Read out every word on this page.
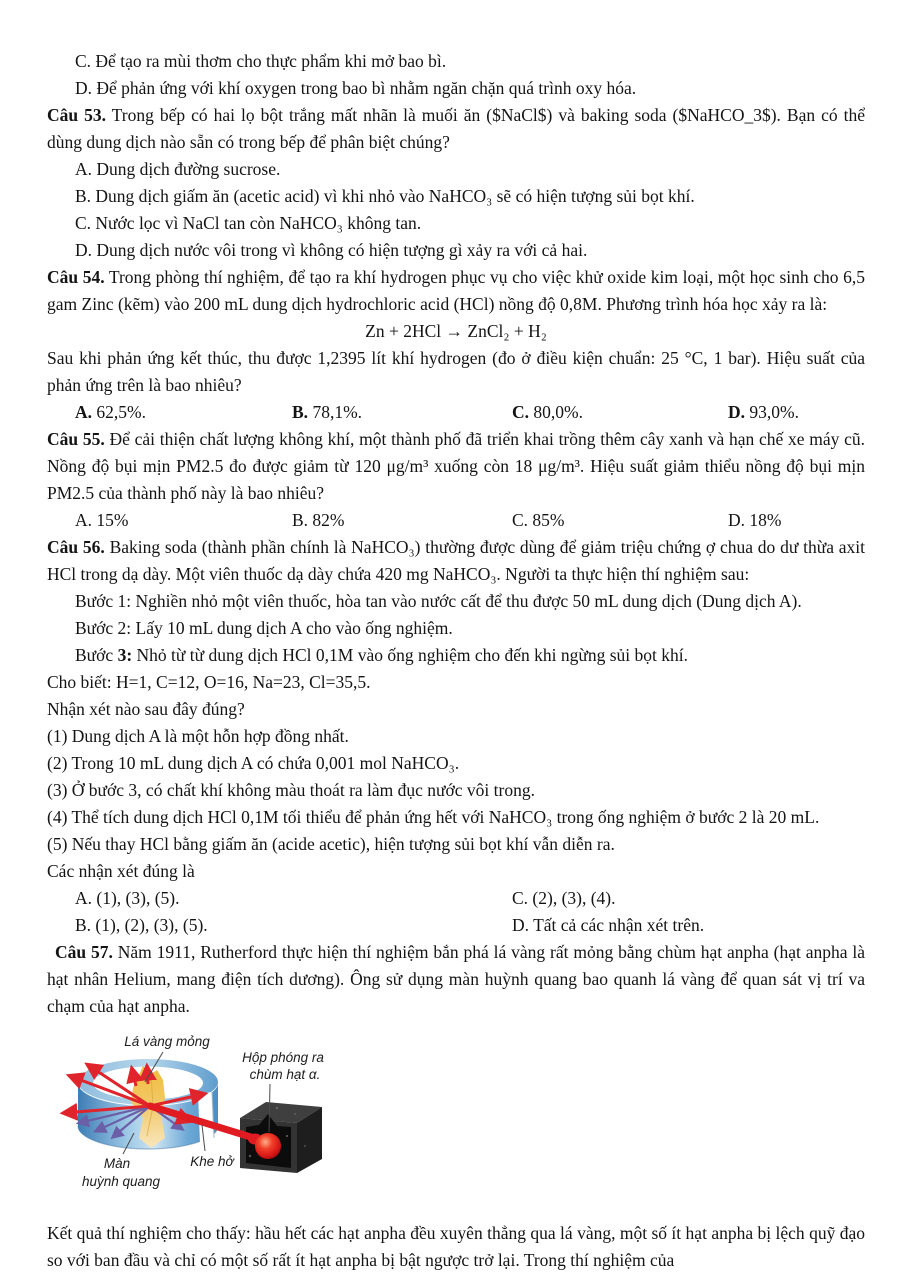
C. Để tạo ra mùi thơm cho thực phẩm khi mở bao bì.

D. Để phản ứng với khí oxygen trong bao bì nhằm ngăn chặn quá trình oxy hóa.

Câu 53. Trong bếp có hai lọ bột trắng mất nhãn là muối ăn ($NaCl$) và baking soda ($NaHCO_3$). Bạn có thể dùng dung dịch nào sẵn có trong bếp để phân biệt chúng?

A. Dung dịch đường sucrose.

B. Dung dịch giấm ăn (acetic acid) vì khi nhỏ vào NaHCO₃ sẽ có hiện tượng sủi bọt khí.

C. Nước lọc vì NaCl tan còn NaHCO₃ không tan.

D. Dung dịch nước vôi trong vì không có hiện tượng gì xảy ra với cả hai.

Câu 54. Trong phòng thí nghiệm, để tạo ra khí hydrogen phục vụ cho việc khử oxide kim loại, một học sinh cho 6,5 gam Zinc (kẽm) vào 200 mL dung dịch hydrochloric acid (HCl) nồng độ 0,8M. Phương trình hóa học xảy ra là:

Zn + 2HCl → ZnCl₂ + H₂

Sau khi phản ứng kết thúc, thu được 1,2395 lít khí hydrogen (đo ở điều kiện chuẩn: 25 °C, 1 bar). Hiệu suất của phản ứng trên là bao nhiêu?

A. 62,5%.	B. 78,1%.	C. 80,0%.	D. 93,0%.

Câu 55. Để cải thiện chất lượng không khí, một thành phố đã triển khai trồng thêm cây xanh và hạn chế xe máy cũ. Nồng độ bụi mịn PM2.5 đo được giảm từ 120 μg/m³ xuống còn 18 μg/m³. Hiệu suất giảm thiểu nồng độ bụi mịn PM2.5 của thành phố này là bao nhiêu?

A. 15%	B. 82%	C. 85%	D. 18%

Câu 56. Baking soda (thành phần chính là NaHCO₃) thường được dùng để giảm triệu chứng ợ chua do dư thừa axit HCl trong dạ dày. Một viên thuốc dạ dày chứa 420 mg NaHCO₃. Người ta thực hiện thí nghiệm sau:

Bước 1: Nghiền nhỏ một viên thuốc, hòa tan vào nước cất để thu được 50 mL dung dịch (Dung dịch A).

Bước 2: Lấy 10 mL dung dịch A cho vào ống nghiệm.

Bước 3: Nhỏ từ từ dung dịch HCl 0,1M vào ống nghiệm cho đến khi ngừng sủi bọt khí.

Cho biết: H=1, C=12, O=16, Na=23, Cl=35,5.

Nhận xét nào sau đây đúng?

(1) Dung dịch A là một hỗn hợp đồng nhất.

(2) Trong 10 mL dung dịch A có chứa 0,001 mol NaHCO₃.

(3) Ở bước 3, có chất khí không màu thoát ra làm đục nước vôi trong.

(4) Thể tích dung dịch HCl 0,1M tối thiểu để phản ứng hết với NaHCO₃ trong ống nghiệm ở bước 2 là 20 mL.

(5) Nếu thay HCl bằng giấm ăn (acide acetic), hiện tượng sủi bọt khí vẫn diễn ra.

Các nhận xét đúng là

A. (1), (3), (5).	C. (2), (3), (4).
B. (1), (2), (3), (5).	D. Tất cả các nhận xét trên.

Câu 57. Năm 1911, Rutherford thực hiện thí nghiệm bắn phá lá vàng rất mỏng bằng chùm hạt anpha (hạt anpha là hạt nhân Helium, mang điện tích dương). Ông sử dụng màn huỳnh quang bao quanh lá vàng để quan sát vị trí va chạm của hạt anpha.

Lá vàng mỏng
Hộp phóng ra
chùm hạt α.
Màn
huỳnh quang
Khe hở

Kết quả thí nghiệm cho thấy: hầu hết các hạt anpha đều xuyên thẳng qua lá vàng, một số ít hạt anpha bị lệch quỹ đạo so với ban đầu và chỉ có một số rất ít hạt anpha bị bật ngược trở lại. Trong thí nghiệm của
